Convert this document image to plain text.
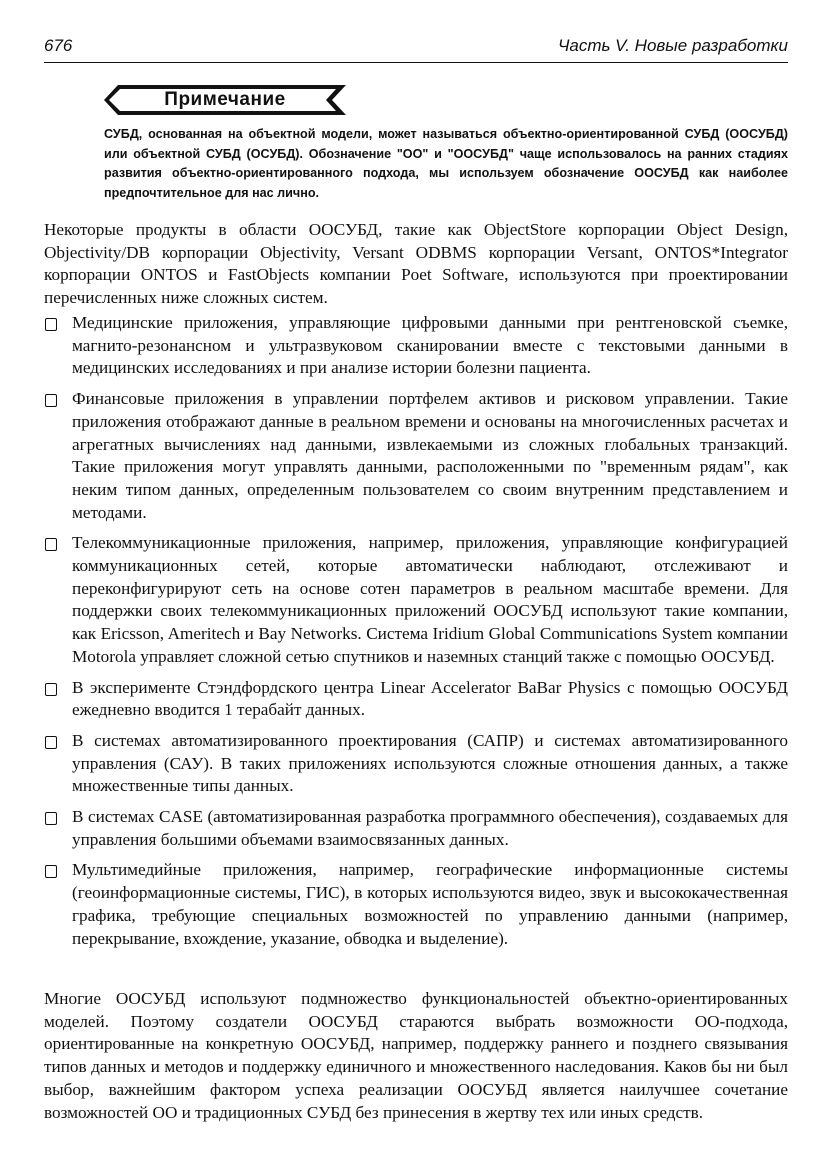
676	Часть V. Новые разработки
Примечание
СУБД, основанная на объектной модели, может называться объектно-ориентированной СУБД (ООСУБД) или объектной СУБД (ОСУБД). Обозначение "ОО" и "ООСУБД" чаще использовалось на ранних стадиях развития объектно-ориентированного подхода, мы используем обозначение ООСУБД как наиболее предпочтительное для нас лично.
Некоторые продукты в области ООСУБД, такие как ObjectStore корпорации Object Design, Objectivity/DB корпорации Objectivity, Versant ODBMS корпорации Versant, ONTOS*Integrator корпорации ONTOS и FastObjects компании Poet Software, используются при проектировании перечисленных ниже сложных систем.
Медицинские приложения, управляющие цифровыми данными при рентгеновской съемке, магнито-резонансном и ультразвуковом сканировании вместе с текстовыми данными в медицинских исследованиях и при анализе истории болезни пациента.
Финансовые приложения в управлении портфелем активов и рисковом управлении. Такие приложения отображают данные в реальном времени и основаны на многочисленных расчетах и агрегатных вычислениях над данными, извлекаемыми из сложных глобальных транзакций. Такие приложения могут управлять данными, расположенными по "временным рядам", как неким типом данных, определенным пользователем со своим внутренним представлением и методами.
Телекоммуникационные приложения, например, приложения, управляющие конфигурацией коммуникационных сетей, которые автоматически наблюдают, отслеживают и переконфигурируют сеть на основе сотен параметров в реальном масштабе времени. Для поддержки своих телекоммуникационных приложений ООСУБД используют такие компании, как Ericsson, Ameritech и Bay Networks. Система Iridium Global Communications System компании Motorola управляет сложной сетью спутников и наземных станций также с помощью ООСУБД.
В эксперименте Стэндфордского центра Linear Accelerator BaBar Physics с помощью ООСУБД ежедневно вводится 1 терабайт данных.
В системах автоматизированного проектирования (САПР) и системах автоматизированного управления (САУ). В таких приложениях используются сложные отношения данных, а также множественные типы данных.
В системах CASE (автоматизированная разработка программного обеспечения), создаваемых для управления большими объемами взаимосвязанных данных.
Мультимедийные приложения, например, географические информационные системы (геоинформационные системы, ГИС), в которых используются видео, звук и высококачественная графика, требующие специальных возможностей по управлению данными (например, перекрывание, вхождение, указание, обводка и выделение).
Многие ООСУБД используют подмножество функциональностей объектно-ориентированных моделей. Поэтому создатели ООСУБД стараются выбрать возможности ОО-подхода, ориентированные на конкретную ООСУБД, например, поддержку раннего и позднего связывания типов данных и методов и поддержку единичного и множественного наследования. Каков бы ни был выбор, важнейшим фактором успеха реализации ООСУБД является наилучшее сочетание возможностей ОО и традиционных СУБД без принесения в жертву тех или иных средств.
